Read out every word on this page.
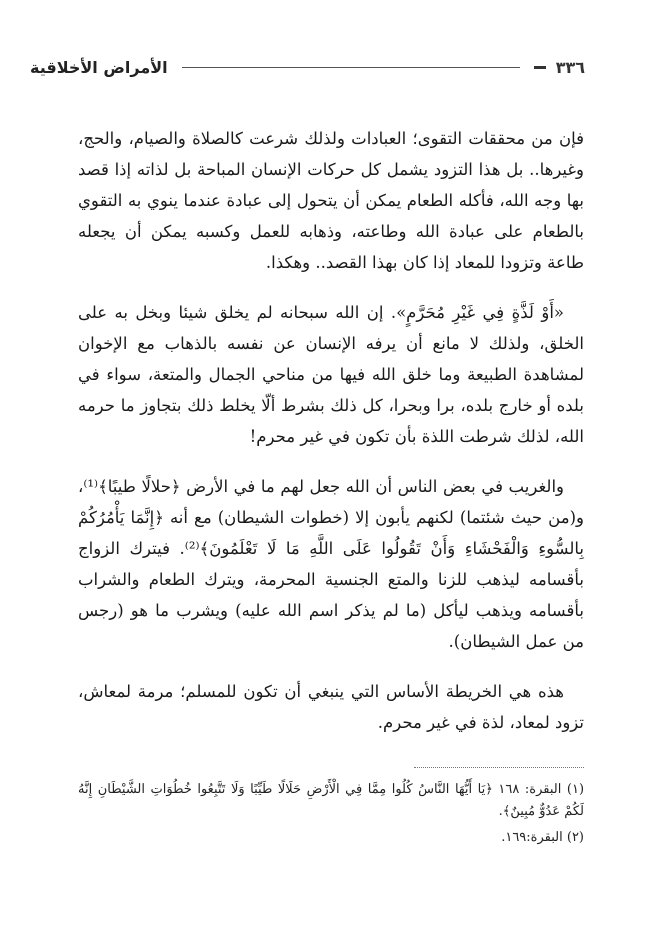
٣٣٦
الأمراض الأخلاقية

فإن من محققات التقوى؛ العبادات ولذلك شرعت كالصلاة والصيام، والحج، وغيرها.. بل هذا التزود يشمل كل حركات الإنسان المباحة بل لذاته إذا قصد بها وجه الله، فأكله الطعام يمكن أن يتحول إلى عبادة عندما ينوي به التقوي بالطعام على عبادة الله وطاعته، وذهابه للعمل وكسبه يمكن أن يجعله طاعة وتزودا للمعاد إذا كان بهذا القصد.. وهكذا.

«أَوْ لَذَّةٍ فِي غَيْرِ مُحَرَّمٍ». إن الله سبحانه لم يخلق شيئا وبخل به على الخلق، ولذلك لا مانع أن يرفه الإنسان عن نفسه بالذهاب مع الإخوان لمشاهدة الطبيعة وما خلق الله فيها من مناحي الجمال والمتعة، سواء في بلده أو خارج بلده، برا وبحرا، كل ذلك بشرط ألّا يخلط ذلك بتجاوز ما حرمه الله، لذلك شرطت اللذة بأن تكون في غير محرم!

والغريب في بعض الناس أن الله جعل لهم ما في الأرض ﴿حلالًا طيبًا﴾⁽¹⁾، و(من حيث شئتما) لكنهم يأبون إلا (خطوات الشيطان) مع أنه ﴿إِنَّمَا يَأْمُرُكُمْ بِالسُّوءِ وَالْفَحْشَاءِ وَأَنْ تَقُولُوا عَلَى اللَّهِ مَا لَا تَعْلَمُونَ﴾⁽²⁾. فيترك الزواج بأقسامه ليذهب للزنا والمتع الجنسية المحرمة، ويترك الطعام والشراب بأقسامه ويذهب ليأكل (ما لم يذكر اسم الله عليه) ويشرب ما هو (رجس من عمل الشيطان).

هذه هي الخريطة الأساس التي ينبغي أن تكون للمسلم؛ مرمة لمعاش، تزود لمعاد، لذة في غير محرم.

(١) البقرة: ١٦٨ ﴿يَا أَيُّهَا النَّاسُ كُلُوا مِمَّا فِي الْأَرْضِ حَلَالًا طَيِّبًا وَلَا تَتَّبِعُوا خُطُوَاتِ الشَّيْطَانِ إِنَّهُ لَكُمْ عَدُوٌّ مُبِينٌ﴾.

(٢) البقرة:١٦٩.
